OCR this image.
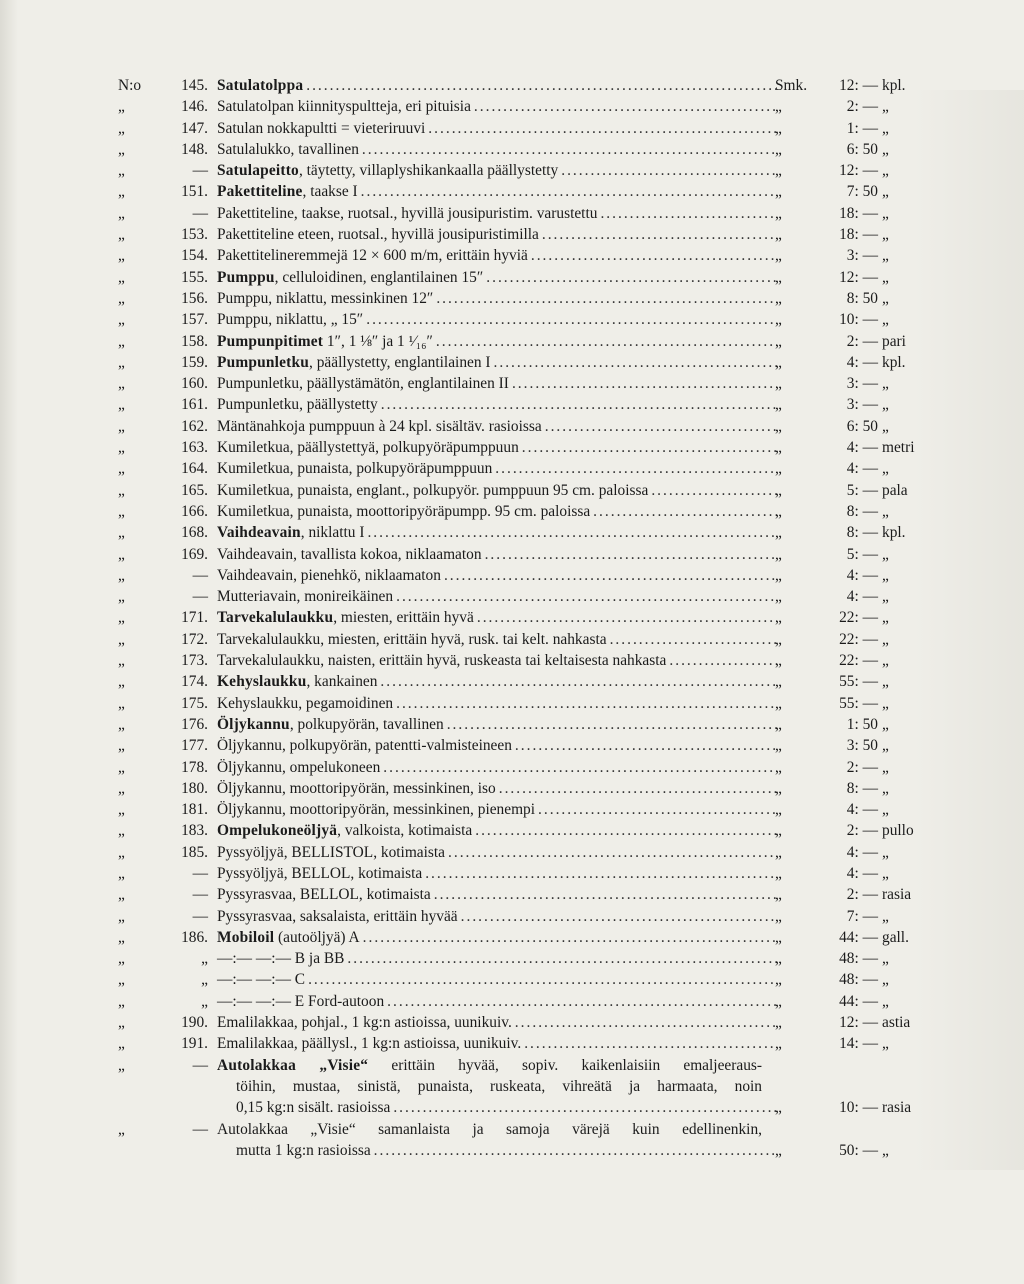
N:o	145. Satulatolppa .....	Smk.	12: — kpl.
„	146. Satulatolpan kiinnityspultteja, eri pituisia .....	„	2: — „
„	147. Satulan nokkapultti = vieteriruuvi .....	„	1: — „
„	148. Satulalukko, tavallinen .....	„	6: 50 „
„	— Satulapeitto, täytetty, villaplyshikankaalla päällystetty .....	„	12: — „
„	151. Pakettiteline, taakse I .....	„	7: 50 „
„	— Pakettiteline, taakse, ruotsal., hyvillä jousipuristim. varustettu .....	„	18: — „
„	153. Pakettiteline eteen, ruotsal., hyvillä jousipuristimilla .....	„	18: — „
„	154. Pakettitelineremmejä 12 × 600 m/m, erittäin hyviä .....	„	3: — „
„	155. Pumppu, celluloidinen, englantilainen 15″ .....	„	12: — „
„	156. Pumppu, niklattu, messinkinen 12″ .....	„	8: 50 „
„	157. Pumppu, niklattu, „ 15″ .....	„	10: — „
„	158. Pumpunpitimet 1″, 1 ⅛″ ja 1 ¹⁄₁₆″ .....	„	2: — pari
„	159. Pumpunletku, päällystetty, englantilainen I .....	„	4: — kpl.
„	160. Pumpunletku, päällystämätön, englantilainen II .....	„	3: — „
„	161. Pumpunletku, päällystetty .....	„	3: — „
„	162. Mäntänahkoja pumppuun à 24 kpl. sisältäv. rasioissa .....	„	6: 50 „
„	163. Kumiletkua, päällystettyä, polkupyöräpumppuun .....	„	4: — metri
„	164. Kumiletkua, punaista, polkupyöräpumppuun .....	„	4: — „
„	165. Kumiletkua, punaista, englant., polkupyör. pumppuun 95 cm. paloissa .....	„	5: — pala
„	166. Kumiletkua, punaista, moottoripyöräpumpp. 95 cm. paloissa .....	„	8: — „
„	168. Vaihdeavain, niklattu I .....	„	8: — kpl.
„	169. Vaihdeavain, tavallista kokoa, niklaamaton .....	„	5: — „
„	— Vaihdeavain, pienehkö, niklaamaton .....	„	4: — „
„	— Mutteriavain, monireikäinen .....	„	4: — „
„	171. Tarvekalulaukku, miesten, erittäin hyvä .....	„	22: — „
„	172. Tarvekalulaukku, miesten, erittäin hyvä, rusk. tai kelt. nahkasta .....	„	22: — „
„	173. Tarvekalulaukku, naisten, erittäin hyvä, ruskeasta tai keltaisesta nahkasta .....	„	22: — „
„	174. Kehyslaukku, kankainen .....	„	55: — „
„	175. Kehyslaukku, pegamoidinen .....	„	55: — „
„	176. Öljykannu, polkupyörän, tavallinen .....	„	1: 50 „
„	177. Öljykannu, polkupyörän, patentti-valmisteineen .....	„	3: 50 „
„	178. Öljykannu, ompelukoneen .....	„	2: — „
„	180. Öljykannu, moottoripyörän, messinkinen, iso .....	„	8: — „
„	181. Öljykannu, moottoripyörän, messinkinen, pienempi .....	„	4: — „
„	183. Ompelukoneöljyä, valkoista, kotimaista .....	„	2: — pullo
„	185. Pyssyöljyä, BELLISTOL, kotimaista .....	„	4: — „
„	— Pyssyöljyä, BELLOL, kotimaista .....	„	4: — „
„	— Pyssyrasvaa, BELLOL, kotimaista .....	„	2: — rasia
„	— Pyssyrasvaa, saksalaista, erittäin hyvää .....	„	7: — „
„	186. Mobiloil (autoöljyä) A .....	„	44: — gall.
„	„ —:— —:— B ja BB .....	„	48: — „
„	„ —:— —:— C .....	„	48: — „
„	„ —:— —:— E Ford-autoon .....	„	44: — „
„	190. Emalilakkaa, pohjal., 1 kg:n astioissa, uunikuiv. .....	„	12: — astia
„	191. Emalilakkaa, päällysl., 1 kg:n astioissa, uunikuiv. .....	„	14: — „
„	— Autolakkaa „Visie“ erittäin hyvää, sopiv. kaikenlaisiin emaljeeraus-
töihin, mustaa, sinistä, punaista, ruskeata, vihreätä ja harmaata, noin
0,15 kg:n sisält. rasioissa .....	„	10: — rasia
„	— Autolakkaa „Visie“ samanlaista ja samoja värejä kuin edellinenkin,
mutta 1 kg:n rasioissa .....	„	50: — „
